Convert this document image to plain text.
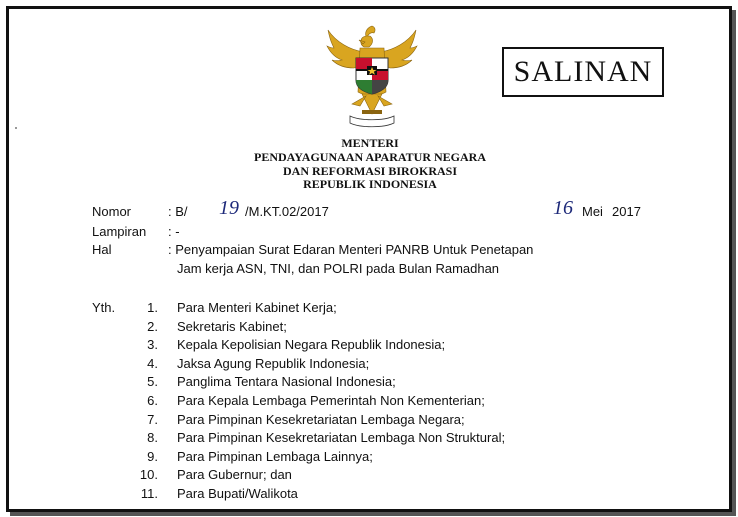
SALINAN
MENTERI
PENDAYAGUNAAN APARATUR NEGARA
DAN REFORMASI BIROKRASI
REPUBLIK INDONESIA
Nomor	: B/ 19 /M.KT.02/2017	16 Mei 2017
Lampiran : -
Hal	: Penyampaian Surat Edaran Menteri PANRB Untuk Penetapan
Jam kerja ASN, TNI, dan POLRI pada Bulan Ramadhan
Yth.	1. Para Menteri Kabinet Kerja;
2. Sekretaris Kabinet;
3. Kepala Kepolisian Negara Republik Indonesia;
4. Jaksa Agung Republik Indonesia;
5. Panglima Tentara Nasional Indonesia;
6. Para Kepala Lembaga Pemerintah Non Kementerian;
7. Para Pimpinan Kesekretariatan Lembaga Negara;
8. Para Pimpinan Kesekretariatan Lembaga Non Struktural;
9. Para Pimpinan Lembaga Lainnya;
10. Para Gubernur; dan
11. Para Bupati/Walikota
